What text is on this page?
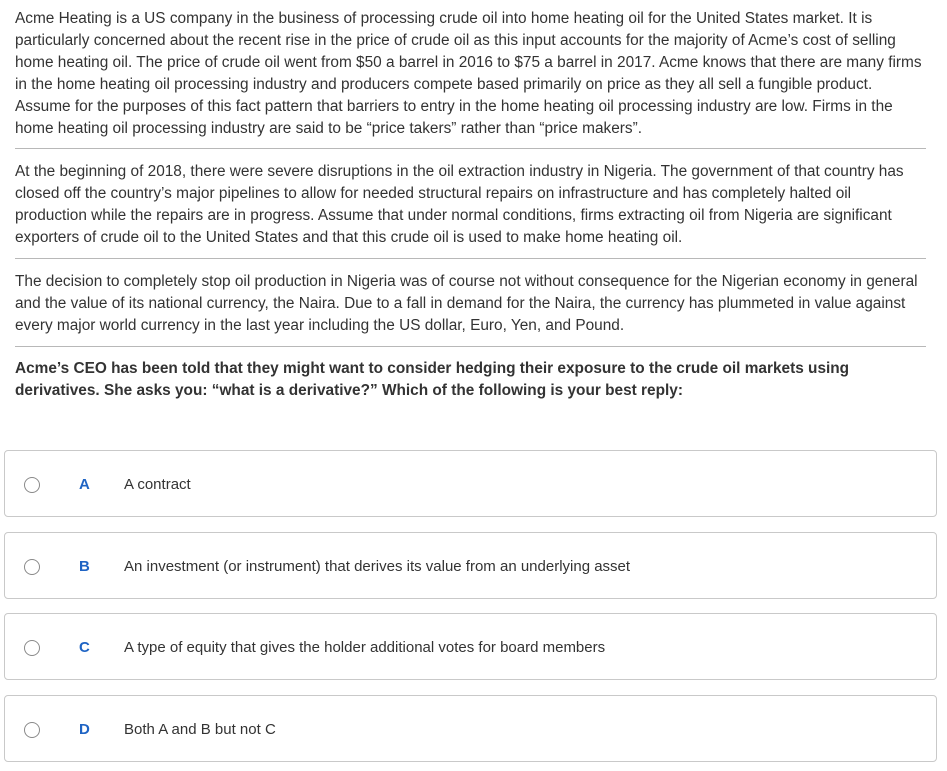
Acme Heating is a US company in the business of processing crude oil into home heating oil for the United States market. It is particularly concerned about the recent rise in the price of crude oil as this input accounts for the majority of Acme’s cost of selling home heating oil. The price of crude oil went from $50 a barrel in 2016 to $75 a barrel in 2017. Acme knows that there are many firms in the home heating oil processing industry and producers compete based primarily on price as they all sell a fungible product. Assume for the purposes of this fact pattern that barriers to entry in the home heating oil processing industry are low. Firms in the home heating oil processing industry are said to be “price takers” rather than “price makers”.

At the beginning of 2018, there were severe disruptions in the oil extraction industry in Nigeria. The government of that country has closed off the country’s major pipelines to allow for needed structural repairs on infrastructure and has completely halted oil production while the repairs are in progress. Assume that under normal conditions, firms extracting oil from Nigeria are significant exporters of crude oil to the United States and that this crude oil is used to make home heating oil.

The decision to completely stop oil production in Nigeria was of course not without consequence for the Nigerian economy in general and the value of its national currency, the Naira. Due to a fall in demand for the Naira, the currency has plummeted in value against every major world currency in the last year including the US dollar, Euro, Yen, and Pound.

Acme’s CEO has been told that they might want to consider hedging their exposure to the crude oil markets using derivatives. She asks you: “what is a derivative?” Which of the following is your best reply:

A A contract
B An investment (or instrument) that derives its value from an underlying asset
C A type of equity that gives the holder additional votes for board members
D Both A and B but not C
